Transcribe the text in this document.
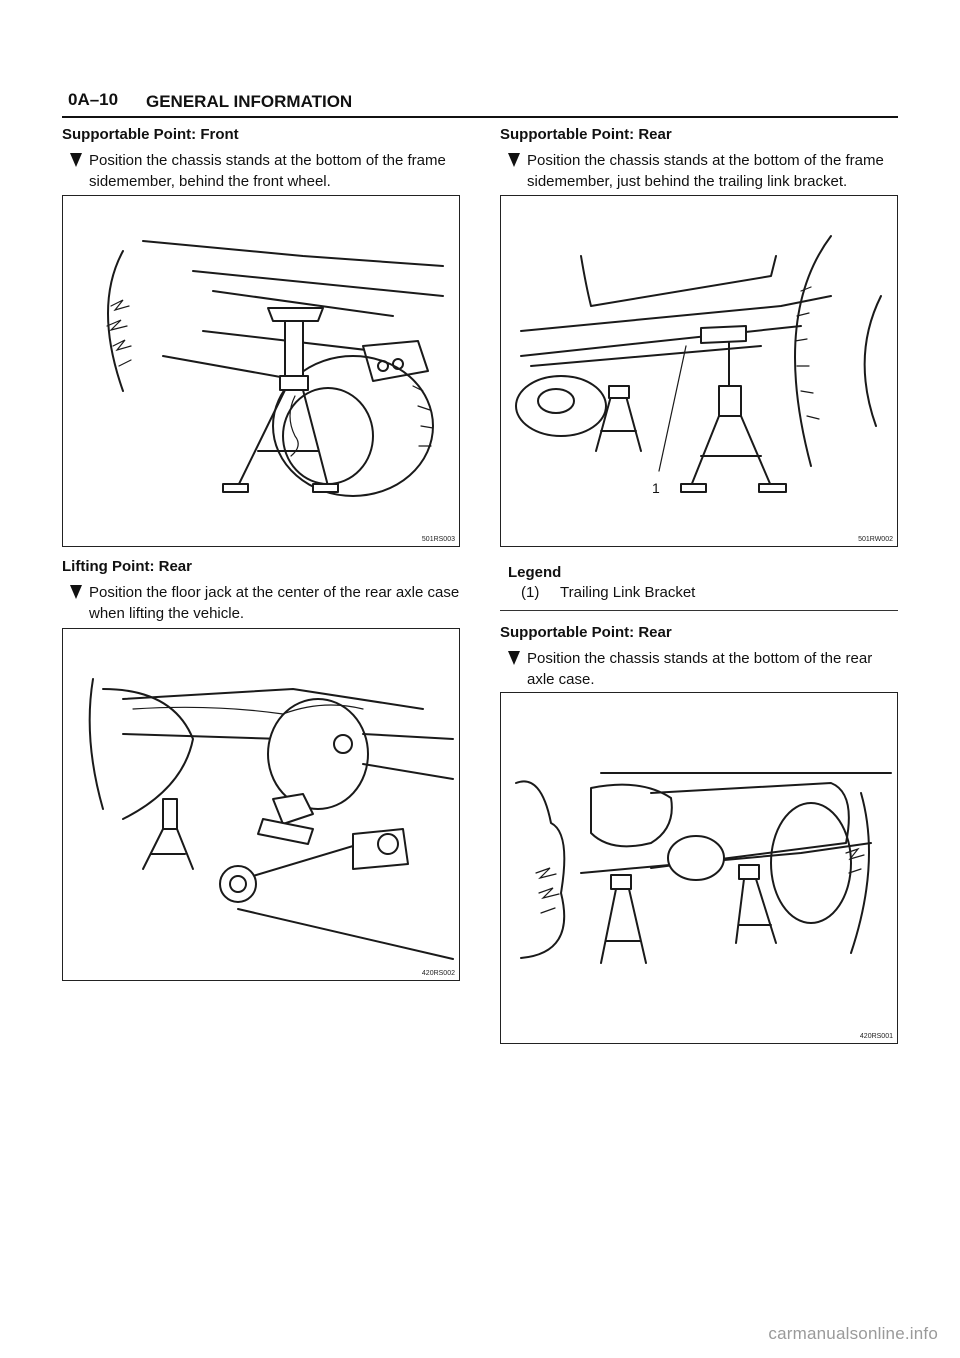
0A–10 GENERAL INFORMATION
Supportable Point: Front
Position the chassis stands at the bottom of the frame sidemember, behind the front wheel.
501RS003
Lifting Point: Rear
Position the floor jack at the center of the rear axle case when lifting the vehicle.
420RS002
Supportable Point: Rear
Position the chassis stands at the bottom of the frame sidemember, just behind the trailing link bracket.
1
501RW002
Legend
(1) Trailing Link Bracket
Supportable Point: Rear
Position the chassis stands at the bottom of the rear axle case.
420RS001
carmanualsonline.info
